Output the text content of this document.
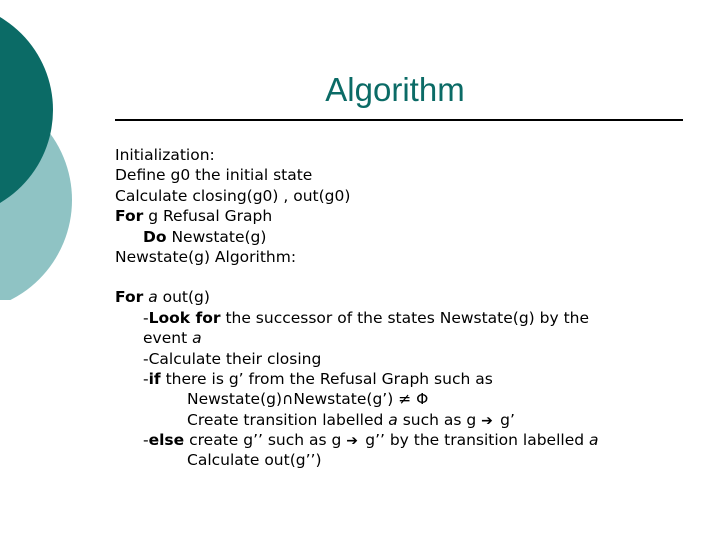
Algorithm
Initialization:
Define g0 the initial state
Calculate closing(g0) , out(g0)
For g Refusal Graph
Do Newstate(g)
Newstate(g) Algorithm:
For a out(g)
-Look for the successor of the states Newstate(g) by the
event a
-Calculate their closing
-if there is g’ from the Refusal Graph such as
Newstate(g)∩Newstate(g’) ≠ Φ
Create transition labelled a such as g ➔ g’
-else create g’’ such as g ➔ g’’ by the transition labelled a
Calculate out(g’’)
